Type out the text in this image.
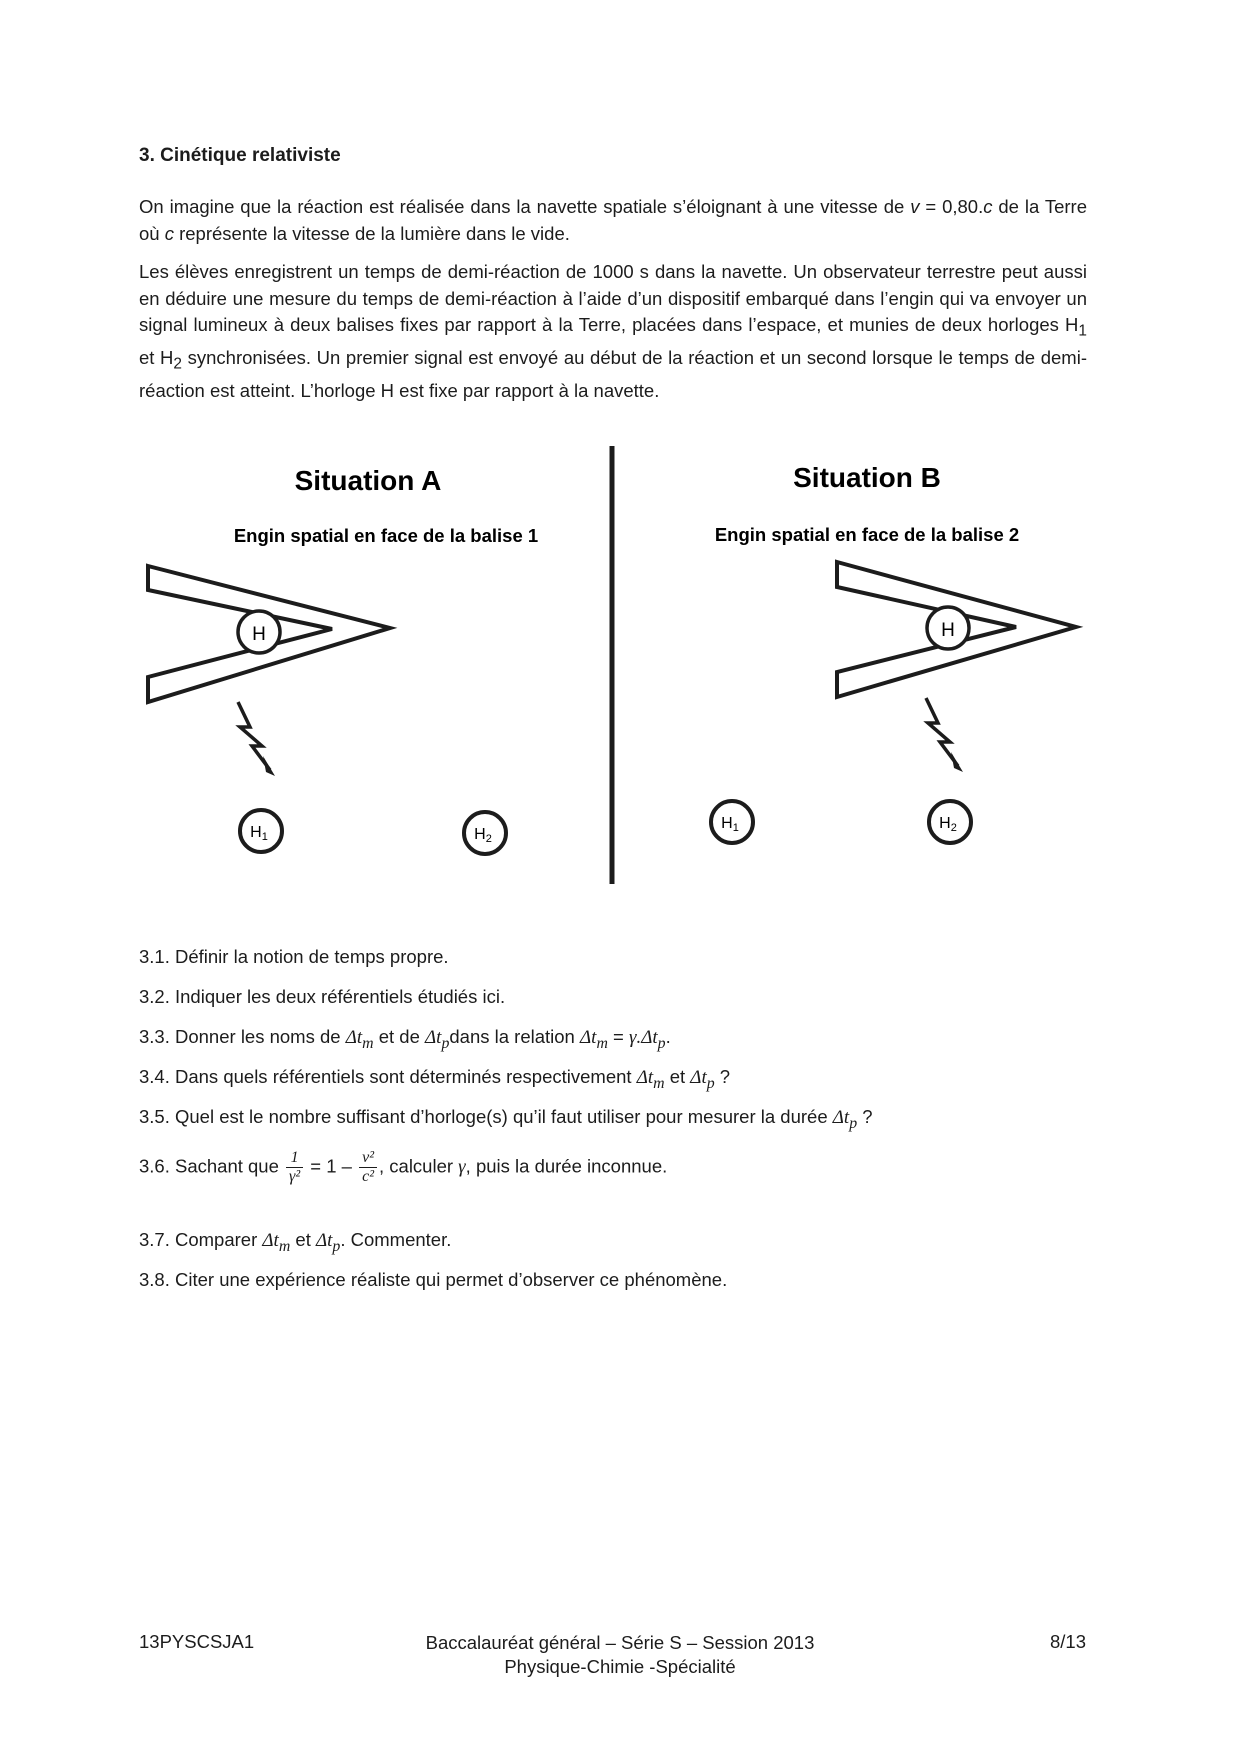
3. Cinétique relativiste

On imagine que la réaction est réalisée dans la navette spatiale s’éloignant à une vitesse de v = 0,80.c de la Terre où c représente la vitesse de la lumière dans le vide.

Les élèves enregistrent un temps de demi-réaction de 1000 s dans la navette. Un observateur terrestre peut aussi en déduire une mesure du temps de demi-réaction à l’aide d’un dispositif embarqué dans l’engin qui va envoyer un signal lumineux à deux balises fixes par rapport à la Terre, placées dans l’espace, et munies de deux horloges $H_1$ et $H_2$ synchronisées. Un premier signal est envoyé au début de la réaction et un second lorsque le temps de demi-réaction est atteint. L’horloge H est fixe par rapport à la navette.

Situation A
Engin spatial en face de la balise 1
Situation B
Engin spatial en face de la balise 2
H
H1	H2
H
H1	H2
3.1. Définir la notion de temps propre.
3.2. Indiquer les deux référentiels étudiés ici.
3.3. Donner les noms de $\Delta t_m$ et de $\Delta t_pdans$ la relation $\Delta t_m = \gamma.\Delta t_p$.
3.4. Dans quels référentiels sont déterminés respectivement $\Delta t_m$ et $\Delta t_p$ ?
3.5. Quel est le nombre suffisant d’horloge(s) qu’il faut utiliser pour mesurer la durée $\Delta t_p$ ?
3.6. Sachant que $\frac{1}{\text{γ²}} = 1 - \frac{\text{v²}}{\text{c²}}$ , calculer γ, puis la durée inconnue.
3.7. Comparer $\Delta t_m$ et $\Delta t_p$. Commenter.
3.8. Citer une expérience réaliste qui permet d’observer ce phénomène.
13PYSCSJA1	Baccalauréat général – Série S – Session 2013
Physique-Chimie -Spécialité
8/13
